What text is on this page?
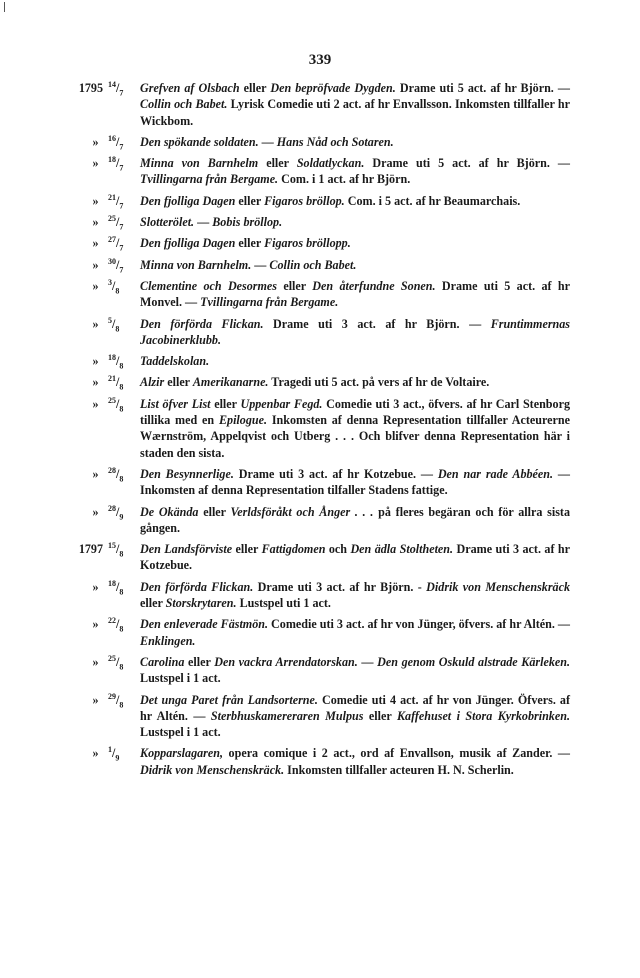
339
1795 $^{14}/_7$ Grefven af Olsbach eller Den bepröfvade Dygden. Drame uti 5 act. af hr Björn. — Collin och Babet. Lyrisk Comedie uti 2 act. af hr Envallsson. Inkomsten tillfaller hr Wickbom.
»	$^{16}/_7$ Den spökande soldaten. — Hans Nåd och Sotaren.
»	$^{18}/_7$ Minna von Barnhelm eller Soldatlyckan. Drame uti 5 act. af hr Björn. — Tvillingarna från Bergame. Com. i 1 act. af hr Björn.
»	$^{21}/_7$ Den fjolliga Dagen eller Figaros bröllop. Com. i 5 act. af hr Beaumarchais.
»	$^{25}/_7$ Slotterölet. — Bobis bröllop.
»	$^{27}/_7$ Den fjolliga Dagen eller Figaros bröllopp.
»	$^{30}/_7$ Minna von Barnhelm. — Collin och Babet.
»	$^3/_8$ Clementine och Desormes eller Den återfundne Sonen. Drame uti 5 act. af hr Monvel. — Tvillingarna från Bergame.
»	$^5/_8$ Den förförda Flickan. Drame uti 3 act. af hr Björn. — Fruntimmernas Jacobinerklubb.
»	$^{18}/_8$ Taddelskolan.
»	$^{21}/_8$ Alzir eller Amerikanarne. Tragedi uti 5 act. på vers af hr de Voltaire.
»	$^{25}/_8$ List öfver List eller Uppenbar Fegd. Comedie uti 3 act., öfvers. af hr Carl Stenborg tillika med en Epilogue. Inkomsten af denna Representation tillfaller Acteurerne Wærnström, Appelqvist och Utberg . . . Och blifver denna Representation här i staden den sista.
»	$^{28}/_8$ Den Besynnerlige. Drame uti 3 act. af hr Kotzebue. — Den nar rade Abbéen. — Inkomsten af denna Representation tilfaller Stadens fattige.
»	$^{28}/_9$ De Okända eller Verldsföråkt och Ånger . . . på fleres begäran och för allra sista gången.
1797 $^{15}/_8$ Den Landsförviste eller Fattigdomen och Den ädla Stoltheten. Drame uti 3 act. af hr Kotzebue.
»	$^{18}/_8$ Den förförda Flickan. Drame uti 3 act. af hr Björn. - Didrik von Menschenskräck eller Storskrytaren. Lustspel uti 1 act.
»	$^{22}/_8$ Den enleverade Fästmön. Comedie uti 3 act. af hr von Jünger, öfvers. af hr Altén. — Enklingen.
»	$^{25}/_8$ Carolina eller Den vackra Arrendatorskan. — Den genom Oskuld alstrade Kärleken. Lustspel i 1 act.
»	$^{29}/_8$ Det unga Paret från Landsorterne. Comedie uti 4 act. af hr von Jünger. Öfvers. af hr Altén. — Sterbhuskamereraren Mulpus eller Kaffehuset i Stora Kyrkobrinken. Lustspel i 1 act.
»	$^1/_9$ Kopparslagaren, opera comique i 2 act., ord af Envallson, musik af Zander. — Didrik von Menschenskräck. Inkomsten tillfaller acteuren H. N. Scherlin.
